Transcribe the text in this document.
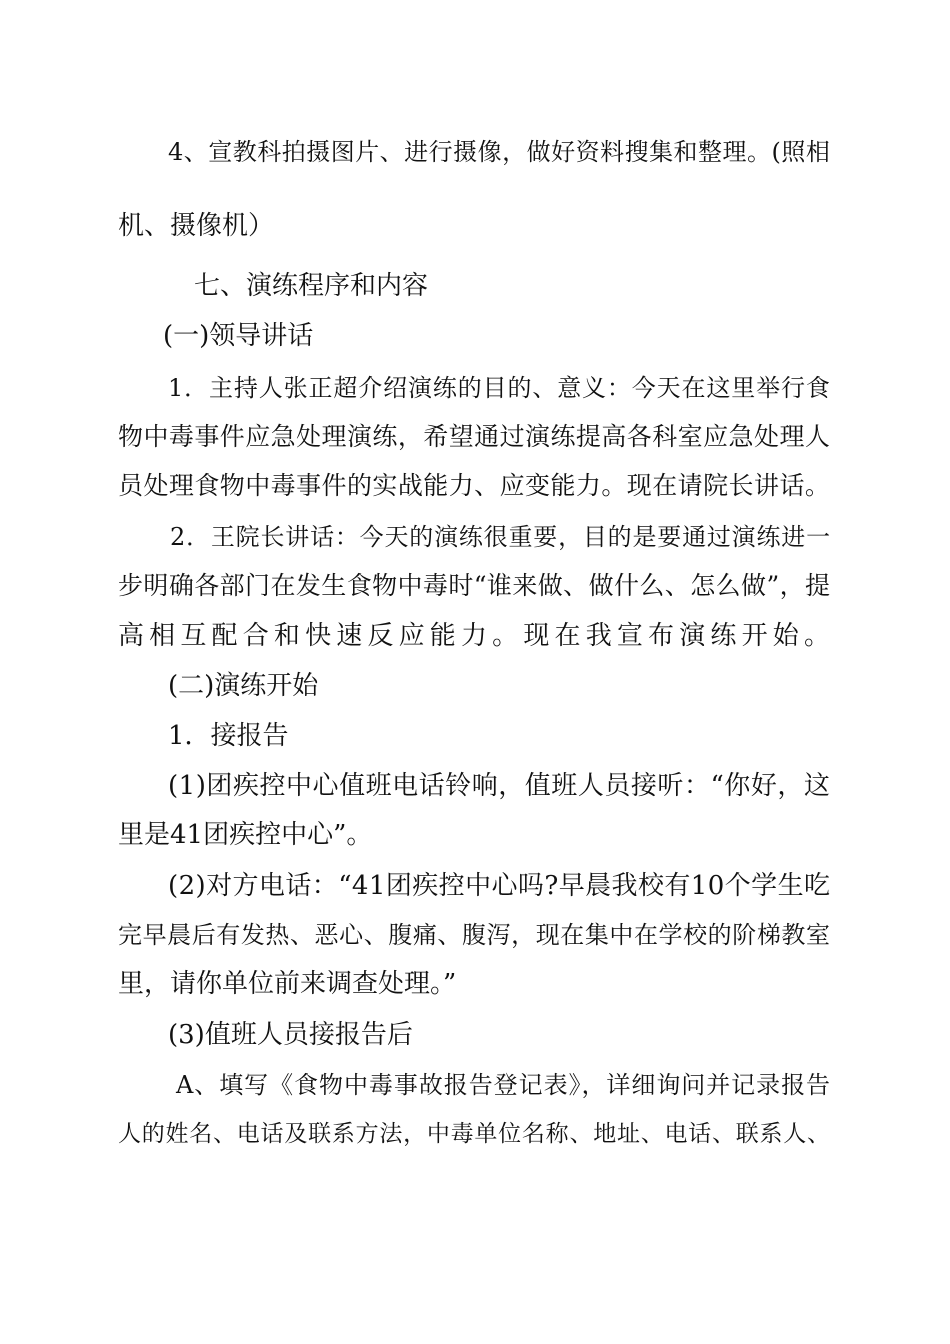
4、宣教科拍摄图片、进行摄像，做好资料搜集和整理。(照相
机、摄像机）
七、演练程序和内容
(一)领导讲话
1．主持人张正超介绍演练的目的、意义：今天在这里举行食
物中毒事件应急处理演练，希望通过演练提高各科室应急处理人
员处理食物中毒事件的实战能力、应变能力。现在请院长讲话。
2．王院长讲话：今天的演练很重要，目的是要通过演练进一
步明确各部门在发生食物中毒时“谁来做、做什么、怎么做”，提
高相互配合和快速反应能力。现在我宣布演练开始。
(二)演练开始
1．接报告
(1)团疾控中心值班电话铃响，值班人员接听：“你好，这
里是41团疾控中心”。
(2)对方电话：“41团疾控中心吗?早晨我校有10个学生吃
完早晨后有发热、恶心、腹痛、腹泻，现在集中在学校的阶梯教室
里，请你单位前来调查处理。”
(3)值班人员接报告后
A、填写《食物中毒事故报告登记表》，详细询问并记录报告
人的姓名、电话及联系方法，中毒单位名称、地址、电话、联系人、
